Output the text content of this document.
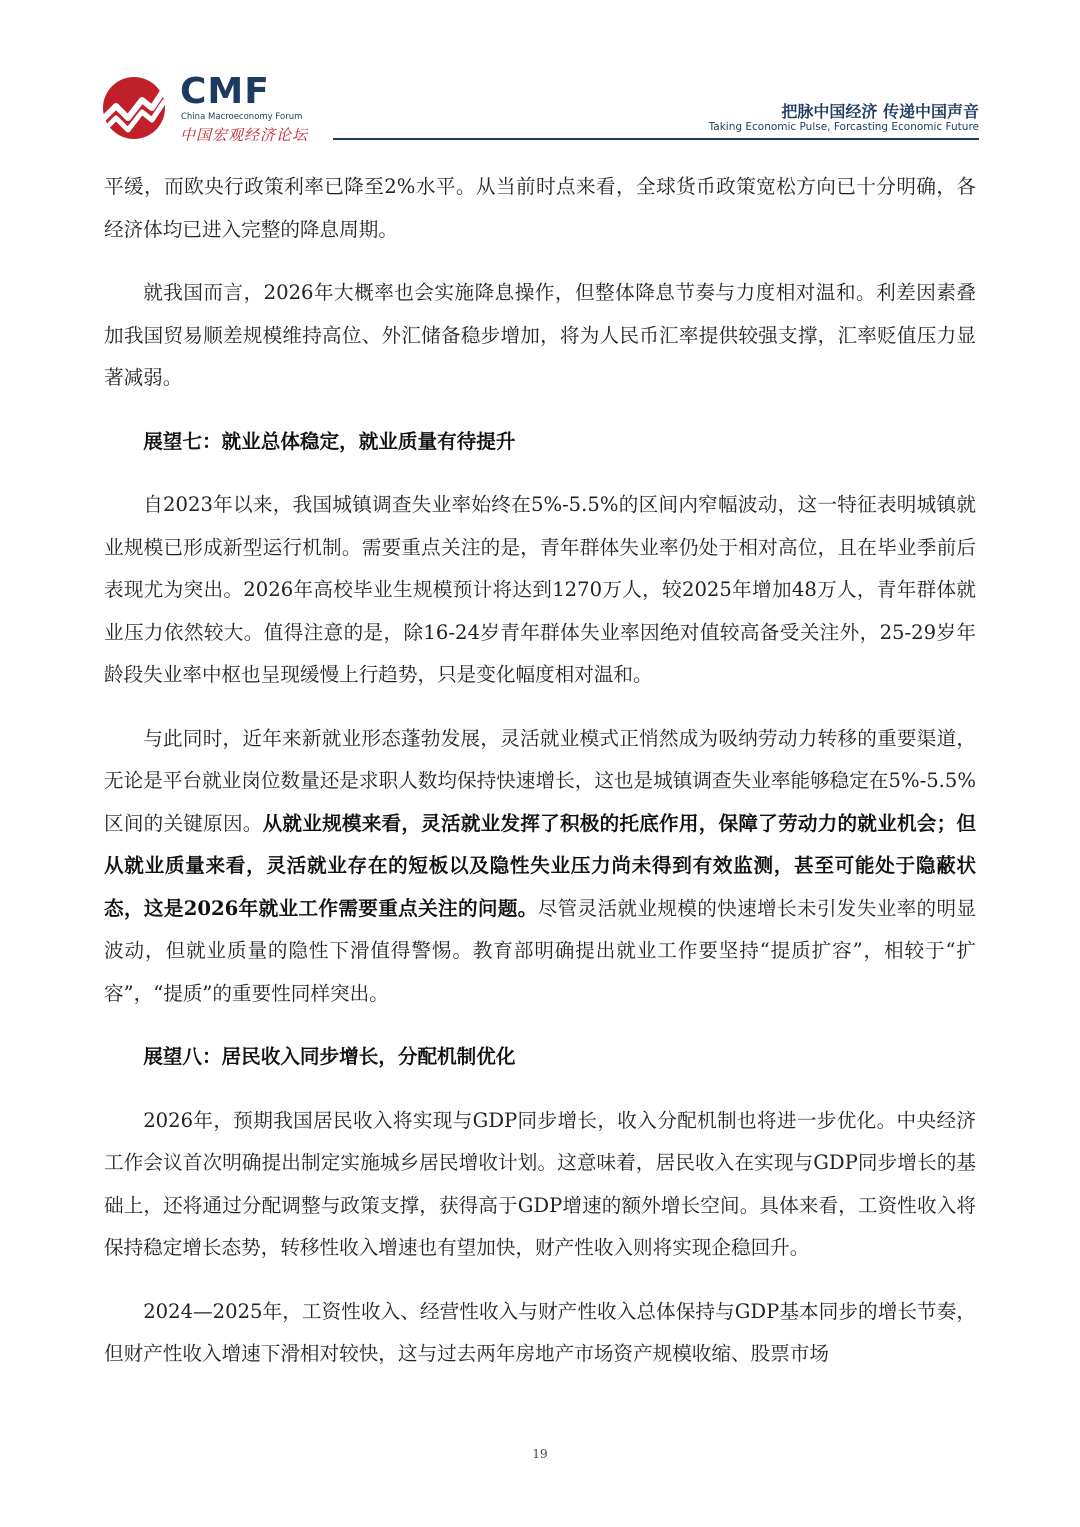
CMF
China Macroeconomy Forum
中国宏观经济论坛
把脉中国经济 传递中国声音
Taking Economic Pulse, Forcasting Economic Future

平缓，而欧央行政策利率已降至2%水平。从当前时点来看，全球货币政策宽松方向已十分明确，各经济体均已进入完整的降息周期。

就我国而言，2026年大概率也会实施降息操作，但整体降息节奏与力度相对温和。利差因素叠加我国贸易顺差规模维持高位、外汇储备稳步增加，将为人民币汇率提供较强支撑，汇率贬值压力显著减弱。

展望七：就业总体稳定，就业质量有待提升

自2023年以来，我国城镇调查失业率始终在5%-5.5%的区间内窄幅波动，这一特征表明城镇就业规模已形成新型运行机制。需要重点关注的是，青年群体失业率仍处于相对高位，且在毕业季前后表现尤为突出。2026年高校毕业生规模预计将达到1270万人，较2025年增加48万人，青年群体就业压力依然较大。值得注意的是，除16-24岁青年群体失业率因绝对值较高备受关注外，25-29岁年龄段失业率中枢也呈现缓慢上行趋势，只是变化幅度相对温和。

与此同时，近年来新就业形态蓬勃发展，灵活就业模式正悄然成为吸纳劳动力转移的重要渠道，无论是平台就业岗位数量还是求职人数均保持快速增长，这也是城镇调查失业率能够稳定在5%-5.5%区间的关键原因。从就业规模来看，灵活就业发挥了积极的托底作用，保障了劳动力的就业机会；但从就业质量来看，灵活就业存在的短板以及隐性失业压力尚未得到有效监测，甚至可能处于隐蔽状态，这是2026年就业工作需要重点关注的问题。尽管灵活就业规模的快速增长未引发失业率的明显波动，但就业质量的隐性下滑值得警惕。教育部明确提出就业工作要坚持“提质扩容”，相较于“扩容”，“提质”的重要性同样突出。

展望八：居民收入同步增长，分配机制优化

2026年，预期我国居民收入将实现与GDP同步增长，收入分配机制也将进一步优化。中央经济工作会议首次明确提出制定实施城乡居民增收计划。这意味着，居民收入在实现与GDP同步增长的基础上，还将通过分配调整与政策支撑，获得高于GDP增速的额外增长空间。具体来看，工资性收入将保持稳定增长态势，转移性收入增速也有望加快，财产性收入则将实现企稳回升。

2024—2025年，工资性收入、经营性收入与财产性收入总体保持与GDP基本同步的增长节奏，但财产性收入增速下滑相对较快，这与过去两年房地产市场资产规模收缩、股票市场

19
